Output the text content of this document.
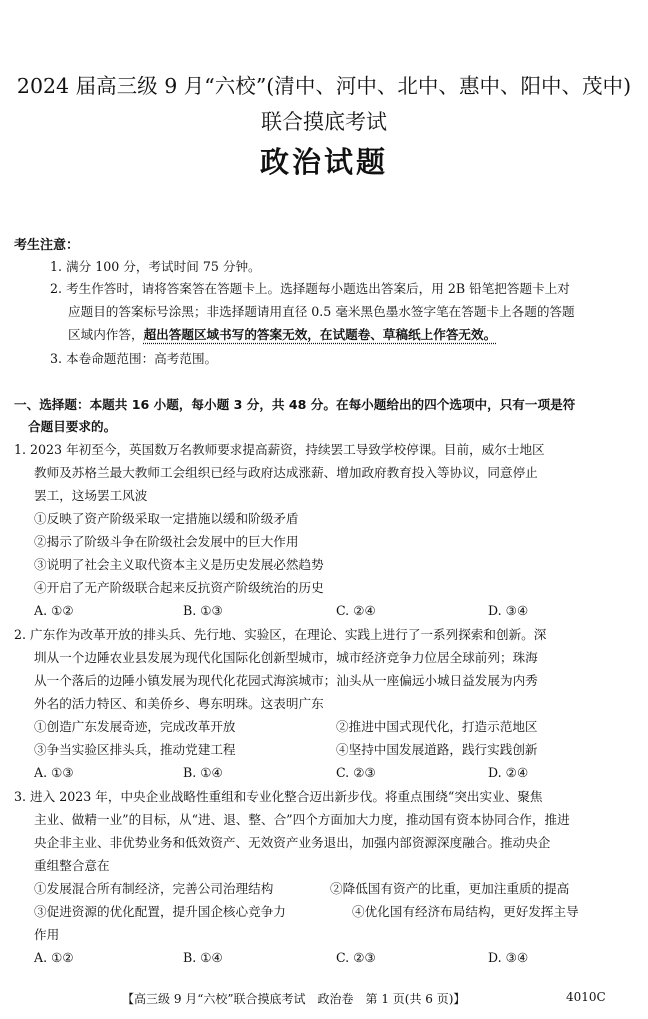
2024 届高三级 9 月“六校”(清中、河中、北中、惠中、阳中、茂中)
联合摸底考试
政治试题
考生注意：
1. 满分 100 分，考试时间 75 分钟。
2. 考生作答时，请将答案答在答题卡上。选择题每小题选出答案后，用 2B 铅笔把答题卡上对
应题目的答案标号涂黑；非选择题请用直径 0.5 毫米黑色墨水签字笔在答题卡上各题的答题
区域内作答，超出答题区域书写的答案无效，在试题卷、草稿纸上作答无效。
3. 本卷命题范围：高考范围。
一、选择题：本题共 16 小题，每小题 3 分，共 48 分。在每小题给出的四个选项中，只有一项是符
合题目要求的。
1. 2023 年初至今，英国数万名教师要求提高薪资，持续罢工导致学校停课。目前，威尔士地区
教师及苏格兰最大教师工会组织已经与政府达成涨薪、增加政府教育投入等协议，同意停止
罢工，这场罢工风波
①反映了资产阶级采取一定措施以缓和阶级矛盾
②揭示了阶级斗争在阶级社会发展中的巨大作用
③说明了社会主义取代资本主义是历史发展必然趋势
④开启了无产阶级联合起来反抗资产阶级统治的历史
A. ①②	B. ①③	C. ②④	D. ③④
2. 广东作为改革开放的排头兵、先行地、实验区，在理论、实践上进行了一系列探索和创新。深
圳从一个边陲农业县发展为现代化国际化创新型城市，城市经济竞争力位居全球前列；珠海
从一个落后的边陲小镇发展为现代化花园式海滨城市；汕头从一座偏远小城日益发展为内秀
外名的活力特区、和美侨乡、粤东明珠。这表明广东
①创造广东发展奇迹，完成改革开放	②推进中国式现代化，打造示范地区
③争当实验区排头兵，推动党建工程	④坚持中国发展道路，践行实践创新
A. ①③	B. ①④	C. ②③	D. ②④
3. 进入 2023 年，中央企业战略性重组和专业化整合迈出新步伐。将重点围绕“突出实业、聚焦
主业、做精一业”的目标，从“进、退、整、合”四个方面加大力度，推动国有资本协同合作，推进
央企非主业、非优势业务和低效资产、无效资产业务退出，加强内部资源深度融合。推动央企
重组整合意在
①发展混合所有制经济，完善公司治理结构	②降低国有资产的比重，更加注重质的提高
③促进资源的优化配置，提升国企核心竞争力	④优化国有经济布局结构，更好发挥主导
作用
A. ①②	B. ①④	C. ②③	D. ③④
【高三级 9 月“六校”联合摸底考试　政治卷　第 1 页(共 6 页)】	4010C
